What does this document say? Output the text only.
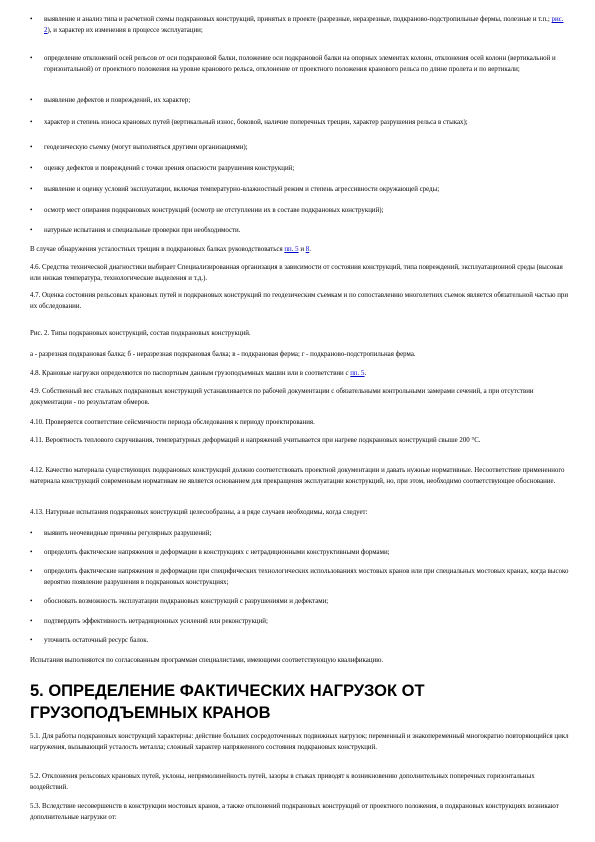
• выявление и анализ типа и расчетной схемы подкрановых конструкций, принятых в проекте (разрезные, неразрезные, подкраново-подстропильные фермы, полезные и т.п.; рис. 2), и характер их изменения в процессе эксплуатации;

• определение отклонений осей рельсов от оси подкрановой балки, положение оси подкрановой балки на опорных элементах колонн, отклонения осей колонн (вертикальной и горизонтальной) от проектного положения на уровне кранового рельса, отклонение от проектного положения кранового рельса по длине пролета и по вертикали;

• выявление дефектов и повреждений, их характер;

• характер и степень износа крановых путей (вертикальный износ, боковой, наличие поперечных трещин, характер разрушения рельса в стыках);

• геодезическую съемку (могут выполняться другими организациями);

• оценку дефектов и повреждений с точки зрения опасности разрушения конструкций;

• выявление и оценку условий эксплуатации, включая температурно-влажностный режим и степень агрессивности окружающей среды;

• осмотр мест опирания подкрановых конструкций (осмотр не отступлении их в составе подкрановых конструкций);

• натурные испытания и специальные проверки при необходимости.

В случае обнаружения усталостных трещин в подкрановых балках руководствоваться пп. 5 и 8.

4.6. Средства технической диагностики выбирает Специализированная организация в зависимости от состояния конструкций, типа повреждений, эксплуатационной среды (высокая или низкая температура, технологические выделения и т.д.).

4.7. Оценка состояния рельсовых крановых путей и подкрановых конструкций по геодезическим съемкам и по сопоставлению многолетних съемок является обязательной частью при их обследовании.

Рис. 2. Типы подкрановых конструкций, состав подкрановых конструкций.

а - разрезная подкрановая балка; б - неразрезная подкрановая балка; в - подкрановая ферма; г - подкраново-подстропильная ферма.

4.8. Крановые нагрузки определяются по паспортным данным грузоподъемных машин или в соответствии с пп. 5.

4.9. Собственный вес стальных подкрановых конструкций устанавливается по рабочей документации с обязательными контрольными замерами сечений, а при отсутствии документации - по результатам обмеров.

4.10. Проверяется соответствие сейсмичности периода обследования к периоду проектирования.

4.11. Вероятность теплового скручивания, температурных деформаций и напряжений учитывается при нагреве подкрановых конструкций свыше 200 °С.

4.12. Качество материала существующих подкрановых конструкций должно соответствовать проектной документации и давать нужные нормативные. Несоответствие примененного материала конструкций современным нормативам не является основанием для прекращения эксплуатации конструкций, но, при этом, необходимо соответствующее обоснование.

4.13. Натурные испытания подкрановых конструкций целесообразны, а в ряде случаев необходимы, когда следует:

• выявить неочевидные причины регулярных разрушений;

• определить фактические напряжения и деформации в конструкциях с нетрадиционными конструктивными формами;

• определить фактические напряжения и деформации при специфических технологических использованиях мостовых кранов или при специальных мостовых кранах, когда высоко вероятно появление разрушения в подкрановых конструкциях;

• обосновать возможность эксплуатации подкрановых конструкций с разрушениями и дефектами;

• подтвердить эффективность нетрадиционных усилений или реконструкций;

• уточнить остаточный ресурс балок.

Испытания выполняются по согласованным программам специалистами, имеющими соответствующую квалификацию.

5. ОПРЕДЕЛЕНИЕ ФАКТИЧЕСКИХ НАГРУЗОК ОТ
ГРУЗОПОДЪЕМНЫХ КРАНОВ

5.1. Для работы подкрановых конструкций характерны: действие больших сосредоточенных подвижных нагрузок; переменный и знакопеременный многократно повторяющийся цикл нагружения, вызывающий усталость металла; сложный характер напряженного состояния подкрановых конструкций.

5.2. Отклонения рельсовых крановых путей, уклоны, непрямолинейность путей, зазоры в стыках приводят к возникновению дополнительных поперечных горизонтальных воздействий.

5.3. Вследствие несовершенств в конструкции мостовых кранов, а также отклонений подкрановых конструкций от проектного положения, в подкрановых конструкциях возникают дополнительные нагрузки от:
